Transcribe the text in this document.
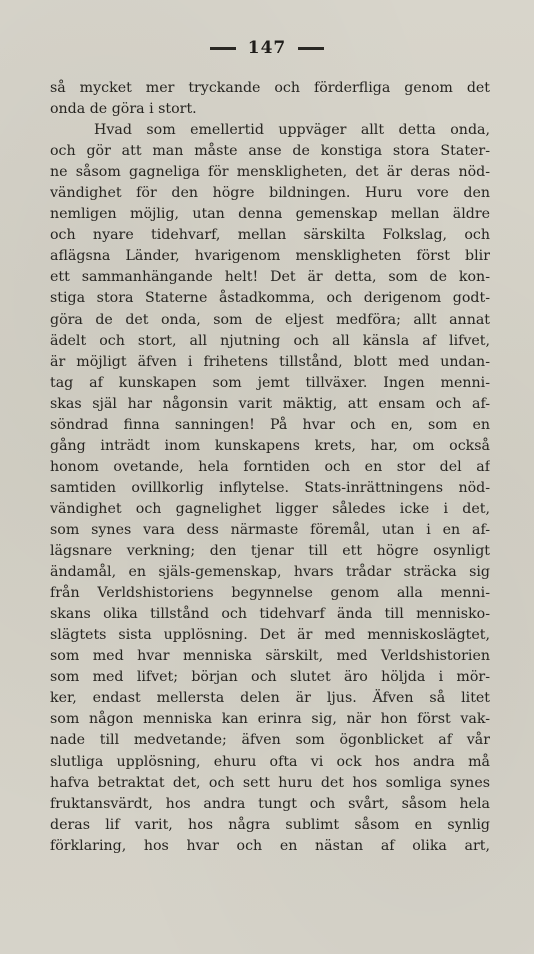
147
så mycket mer tryckande och förderfliga genom det
onda de göra i stort.
Hvad som emellertid uppväger allt detta onda,
och gör att man måste anse de konstiga stora Stater-
ne såsom gagneliga för menskligheten, det är deras nöd-
vändighet för den högre bildningen. Huru vore den
nemligen möjlig, utan denna gemenskap mellan äldre
och nyare tidehvarf, mellan särskilta Folkslag, och
aflägsna Länder, hvarigenom menskligheten först blir
ett sammanhängande helt! Det är detta, som de kon-
stiga stora Staterne åstadkomma, och derigenom godt-
göra de det onda, som de eljest medföra; allt annat
ädelt och stort, all njutning och all känsla af lifvet,
är möjligt äfven i frihetens tillstånd, blott med undan-
tag af kunskapen som jemt tillväxer. Ingen menni-
skas själ har någonsin varit mäktig, att ensam och af-
söndrad finna sanningen! På hvar och en, som en
gång inträdt inom kunskapens krets, har, om också
honom ovetande, hela forntiden och en stor del af
samtiden ovillkorlig inflytelse. Stats-inrättningens nöd-
vändighet och gagnelighet ligger således icke i det,
som synes vara dess närmaste föremål, utan i en af-
lägsnare verkning; den tjenar till ett högre osynligt
ändamål, en själs-gemenskap, hvars trådar sträcka sig
från Verldshistoriens begynnelse genom alla menni-
skans olika tillstånd och tidehvarf ända till mennisko-
slägtets sista upplösning. Det är med menniskoslägtet,
som med hvar menniska särskilt, med Verldshistorien
som med lifvet; början och slutet äro höljda i mör-
ker, endast mellersta delen är ljus. Äfven så litet
som någon menniska kan erinra sig, när hon först vak-
nade till medvetande; äfven som ögonblicket af vår
slutliga upplösning, ehuru ofta vi ock hos andra må
hafva betraktat det, och sett huru det hos somliga synes
fruktansvärdt, hos andra tungt och svårt, såsom hela
deras lif varit, hos några sublimt såsom en synlig
förklaring, hos hvar och en nästan af olika art,
